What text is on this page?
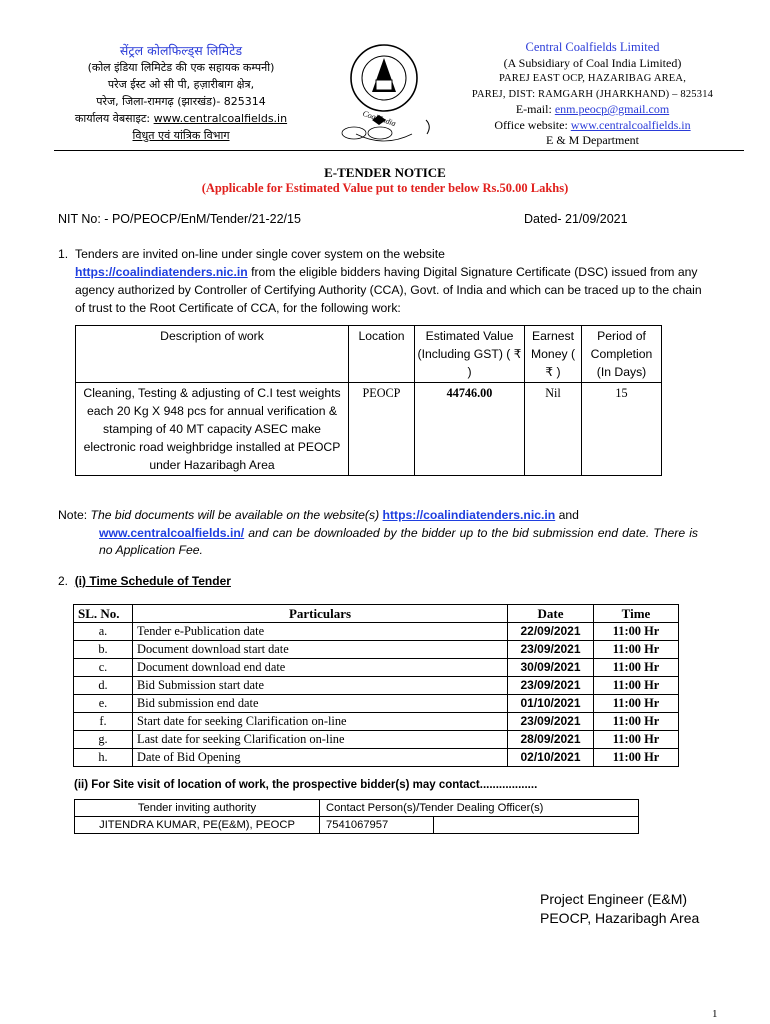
सेंट्रल कोलफिल्ड्स लिमिटेड
(कोल इंडिया लिमिटेड की एक सहायक कम्पनी)
परेज ईस्ट ओ सी पी, हज़ारीबाग क्षेत्र,
परेज, जिला-रामगढ़ (झारखंड)- 825314
कार्यालय वेबसाइट: www.centralcoalfields.in
विधुत एवं यांत्रिक विभाग
Coal India
Central Coalfields Limited
(A Subsidiary of Coal India Limited)
PAREJ EAST OCP, HAZARIBAG AREA,
PAREJ, DIST: RAMGARH (JHARKHAND) – 825314
E-mail: enm.peocp@gmail.com
Office website: www.centralcoalfields.in
E & M Department
E-TENDER NOTICE
(Applicable for Estimated Value put to tender below Rs.50.00 Lakhs)
NIT No: - PO/PEOCP/EnM/Tender/21-22/15	Dated- 21/09/2021
1. Tenders are invited on-line under single cover system on the website
https://coalindiatenders.nic.in from the eligible bidders having Digital Signature Certificate (DSC) issued from any agency authorized by Controller of Certifying Authority (CCA), Govt. of India and which can be traced up to the chain of trust to the Root Certificate of CCA, for the following work:
Description of work	Location	Estimated Value (Including GST) ( ₹ )	Earnest Money ( ₹ )	Period of Completion (In Days)
Cleaning, Testing & adjusting of C.I test weights each 20 Kg X 948 pcs for annual verification & stamping of 40 MT capacity ASEC make electronic road weighbridge installed at PEOCP under Hazaribagh Area	PEOCP	44746.00	Nil	15
Note: The bid documents will be available on the website(s) https://coalindiatenders.nic.in and
www.centralcoalfields.in/ and can be downloaded by the bidder up to the bid submission end date. There is no Application Fee.
2. (i) Time Schedule of Tender
SL. No.	Particulars	Date	Time
a.	Tender e-Publication date	22/09/2021	11:00 Hr
b.	Document download start date	23/09/2021	11:00 Hr
c.	Document download end date	30/09/2021	11:00 Hr
d.	Bid Submission start date	23/09/2021	11:00 Hr
e.	Bid submission end date	01/10/2021	11:00 Hr
f.	Start date for seeking Clarification on-line	23/09/2021	11:00 Hr
g.	Last date for seeking Clarification on-line	28/09/2021	11:00 Hr
h.	Date of Bid Opening	02/10/2021	11:00 Hr
(ii) For Site visit of location of work, the prospective bidder(s) may contact..................
Tender inviting authority	Contact Person(s)/Tender Dealing Officer(s)	
JITENDRA KUMAR, PE(E&M), PEOCP	7541067957	
Project Engineer (E&M)
PEOCP, Hazaribagh Area
1
